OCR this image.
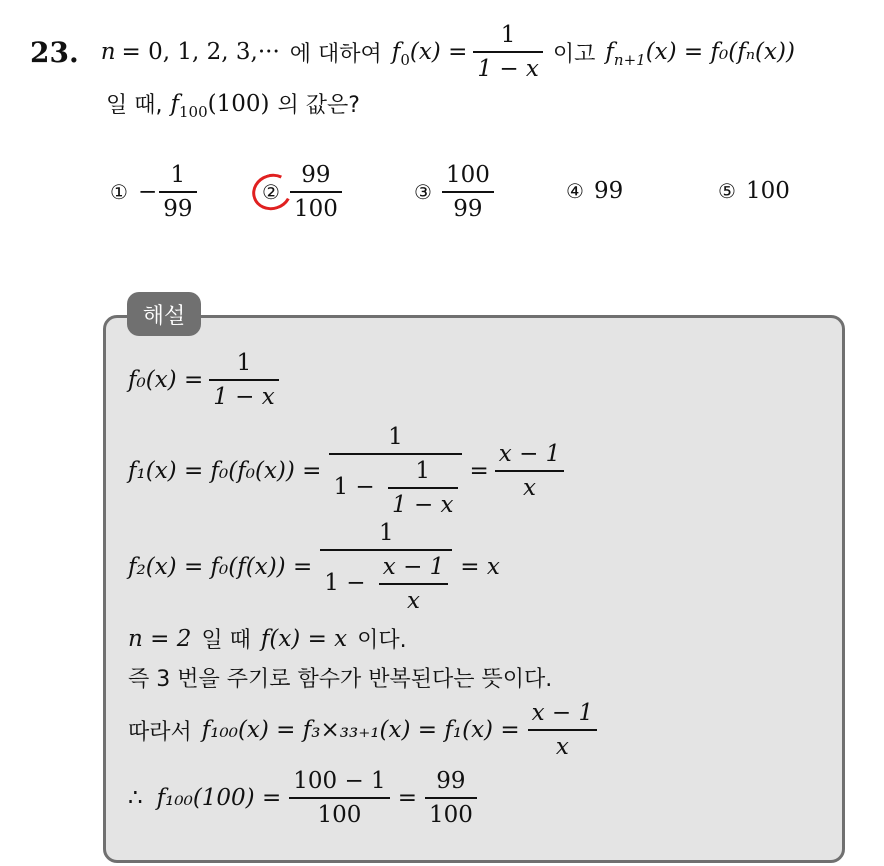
23. n = 0, 1, 2, 3,··· 에 대하여 $f_0(x) = \frac{1}{1 - x}$ 이고 $f_{n+1}(x) = f_0(f_n(x))$
일 때, $f_{100}(100)$ 의 값은?
① − $\frac{1}{99}$	② $\frac{99}{100}$	③ $\frac{100}{99}$	④ 99	⑤ 100
$f_0(x) = \frac{1}{1 - x}$
$f_1(x) = f_0(f_0(x)) = \frac{1}{1 - \frac{1}{1 - x}} = \frac{x - 1}{x}$
$f_2(x) = f_0(f(x)) = \frac{1}{1 - \frac{x - 1}{x}} = x$
n = 2 일 때 f(x) = x 이다.
즉 3 번을 주기로 함수가 반복된다는 뜻이다.
따라서 $f_{100}(x) = f_3\times_{33+1}(x) = f_1(x) = \frac{x - 1}{x}$
∴ $f_{100}(100) = \frac{100 - 1}{100} = \frac{99}{100}$
해설
